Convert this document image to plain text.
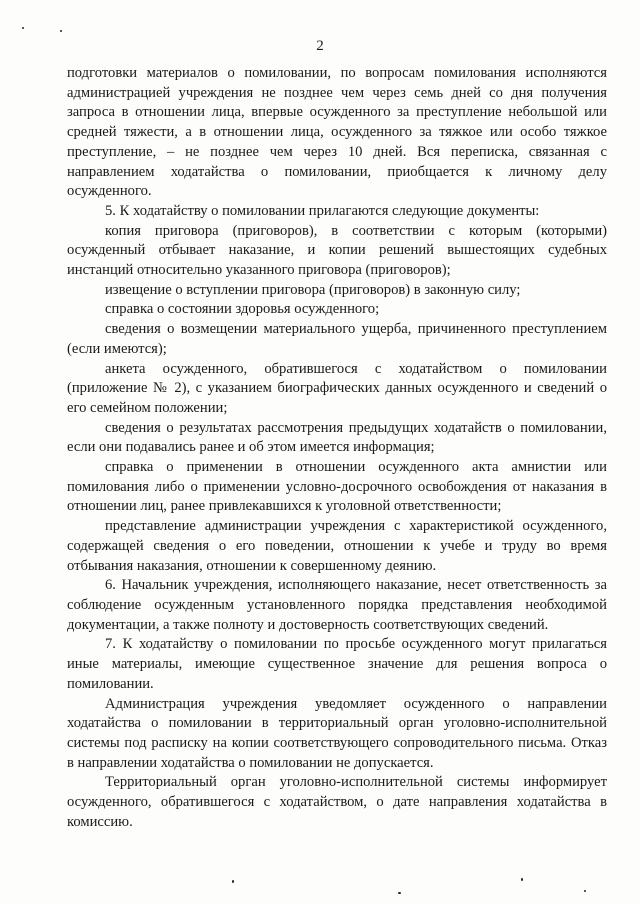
2

подготовки материалов о помиловании, по вопросам помилования исполняются администрацией учреждения не позднее чем через семь дней со дня получения запроса в отношении лица, впервые осужденного за преступление небольшой или средней тяжести, а в отношении лица, осужденного за тяжкое или особо тяжкое преступление, – не позднее чем через 10 дней. Вся переписка, связанная с направлением ходатайства о помиловании, приобщается к личному делу осужденного.

5. К ходатайству о помиловании прилагаются следующие документы:

копия приговора (приговоров), в соответствии с которым (которыми) осужденный отбывает наказание, и копии решений вышестоящих судебных инстанций относительно указанного приговора (приговоров);

извещение о вступлении приговора (приговоров) в законную силу;

справка о состоянии здоровья осужденного;

сведения о возмещении материального ущерба, причиненного преступлением (если имеются);

анкета осужденного, обратившегося с ходатайством о помиловании (приложение № 2), с указанием биографических данных осужденного и сведений о его семейном положении;

сведения о результатах рассмотрения предыдущих ходатайств о помиловании, если они подавались ранее и об этом имеется информация;

справка о применении в отношении осужденного акта амнистии или помилования либо о применении условно-досрочного освобождения от наказания в отношении лиц, ранее привлекавшихся к уголовной ответственности;

представление администрации учреждения с характеристикой осужденного, содержащей сведения о его поведении, отношении к учебе и труду во время отбывания наказания, отношении к совершенному деянию.

6. Начальник учреждения, исполняющего наказание, несет ответственность за соблюдение осужденным установленного порядка представления необходимой документации, а также полноту и достоверность соответствующих сведений.

7. К ходатайству о помиловании по просьбе осужденного могут прилагаться иные материалы, имеющие существенное значение для решения вопроса о помиловании.

Администрация учреждения уведомляет осужденного о направлении ходатайства о помиловании в территориальный орган уголовно-исполнительной системы под расписку на копии соответствующего сопроводительного письма. Отказ в направлении ходатайства о помиловании не допускается.

Территориальный орган уголовно-исполнительной системы информирует осужденного, обратившегося с ходатайством, о дате направления ходатайства в комиссию.
